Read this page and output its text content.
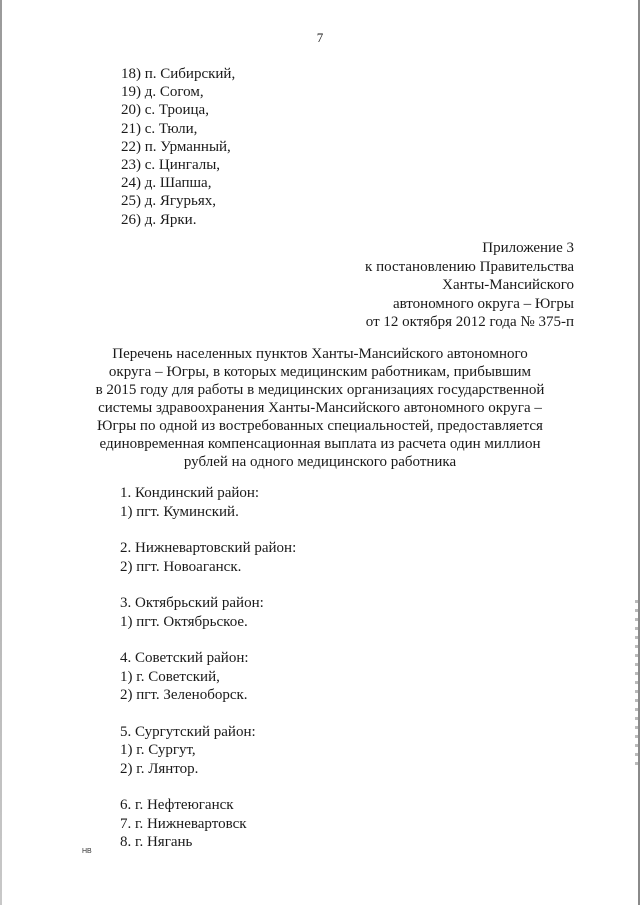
7
18) п. Сибирский,
19) д. Согом,
20) с. Троица,
21) с. Тюли,
22) п. Урманный,
23) с. Цингалы,
24) д. Шапша,
25) д. Ягурьях,
26) д. Ярки.
Приложение 3
к постановлению Правительства
Ханты-Мансийского
автономного округа – Югры
от 12 октября 2012 года № 375-п
Перечень населенных пунктов Ханты-Мансийского автономного
округа – Югры, в которых медицинским работникам, прибывшим
в 2015 году для работы в медицинских организациях государственной
системы здравоохранения Ханты-Мансийского автономного округа –
Югры по одной из востребованных специальностей, предоставляется
единовременная компенсационная выплата из расчета один миллион
рублей на одного медицинского работника
1. Кондинский район:
1) пгт. Куминский.
2. Нижневартовский район:
2) пгт. Новоаганск.
3. Октябрьский район:
1) пгт. Октябрьское.
4. Советский район:
1) г. Советский,
2) пгт. Зеленоборск.
5. Сургутский район:
1) г. Сургут,
2) г. Лянтор.
6. г. Нефтеюганск
7. г. Нижневартовск
8. г. Нягань
НВ
